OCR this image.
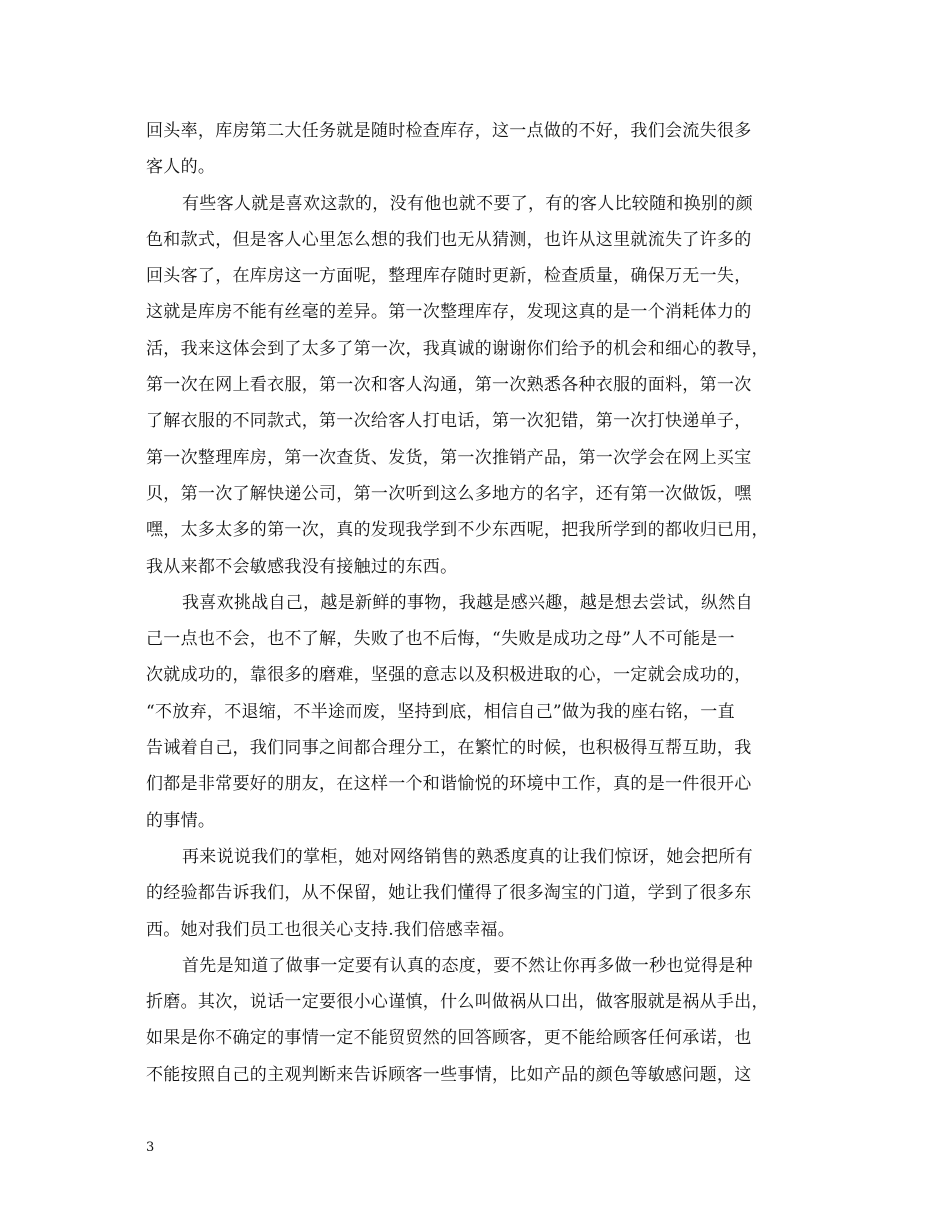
回头率，库房第二大任务就是随时检查库存，这一点做的不好，我们会流失很多
客人的。
有些客人就是喜欢这款的，没有他也就不要了，有的客人比较随和换别的颜
色和款式，但是客人心里怎么想的我们也无从猜测，也许从这里就流失了许多的
回头客了，在库房这一方面呢，整理库存随时更新，检查质量，确保万无一失，
这就是库房不能有丝毫的差异。第一次整理库存，发现这真的是一个消耗体力的
活，我来这体会到了太多了第一次，我真诚的谢谢你们给予的机会和细心的教导，
第一次在网上看衣服，第一次和客人沟通，第一次熟悉各种衣服的面料，第一次
了解衣服的不同款式，第一次给客人打电话，第一次犯错，第一次打快递单子，
第一次整理库房，第一次查货、发货，第一次推销产品，第一次学会在网上买宝
贝，第一次了解快递公司，第一次听到这么多地方的名字，还有第一次做饭，嘿
嘿，太多太多的第一次，真的发现我学到不少东西呢，把我所学到的都收归已用，
我从来都不会敏感我没有接触过的东西。
我喜欢挑战自己，越是新鲜的事物，我越是感兴趣，越是想去尝试，纵然自
己一点也不会，也不了解，失败了也不后悔，“失败是成功之母”人不可能是一
次就成功的，靠很多的磨难，坚强的意志以及积极进取的心，一定就会成功的，
“不放弃，不退缩，不半途而废，坚持到底，相信自己”做为我的座右铭，一直
告诫着自己，我们同事之间都合理分工，在繁忙的时候，也积极得互帮互助，我
们都是非常要好的朋友，在这样一个和谐愉悦的环境中工作，真的是一件很开心
的事情。
再来说说我们的掌柜，她对网络销售的熟悉度真的让我们惊讶，她会把所有
的经验都告诉我们，从不保留，她让我们懂得了很多淘宝的门道，学到了很多东
西。她对我们员工也很关心支持.我们倍感幸福。
首先是知道了做事一定要有认真的态度，要不然让你再多做一秒也觉得是种
折磨。其次，说话一定要很小心谨慎，什么叫做祸从口出，做客服就是祸从手出，
如果是你不确定的事情一定不能贸贸然的回答顾客，更不能给顾客任何承诺，也
不能按照自己的主观判断来告诉顾客一些事情，比如产品的颜色等敏感问题，这
3
